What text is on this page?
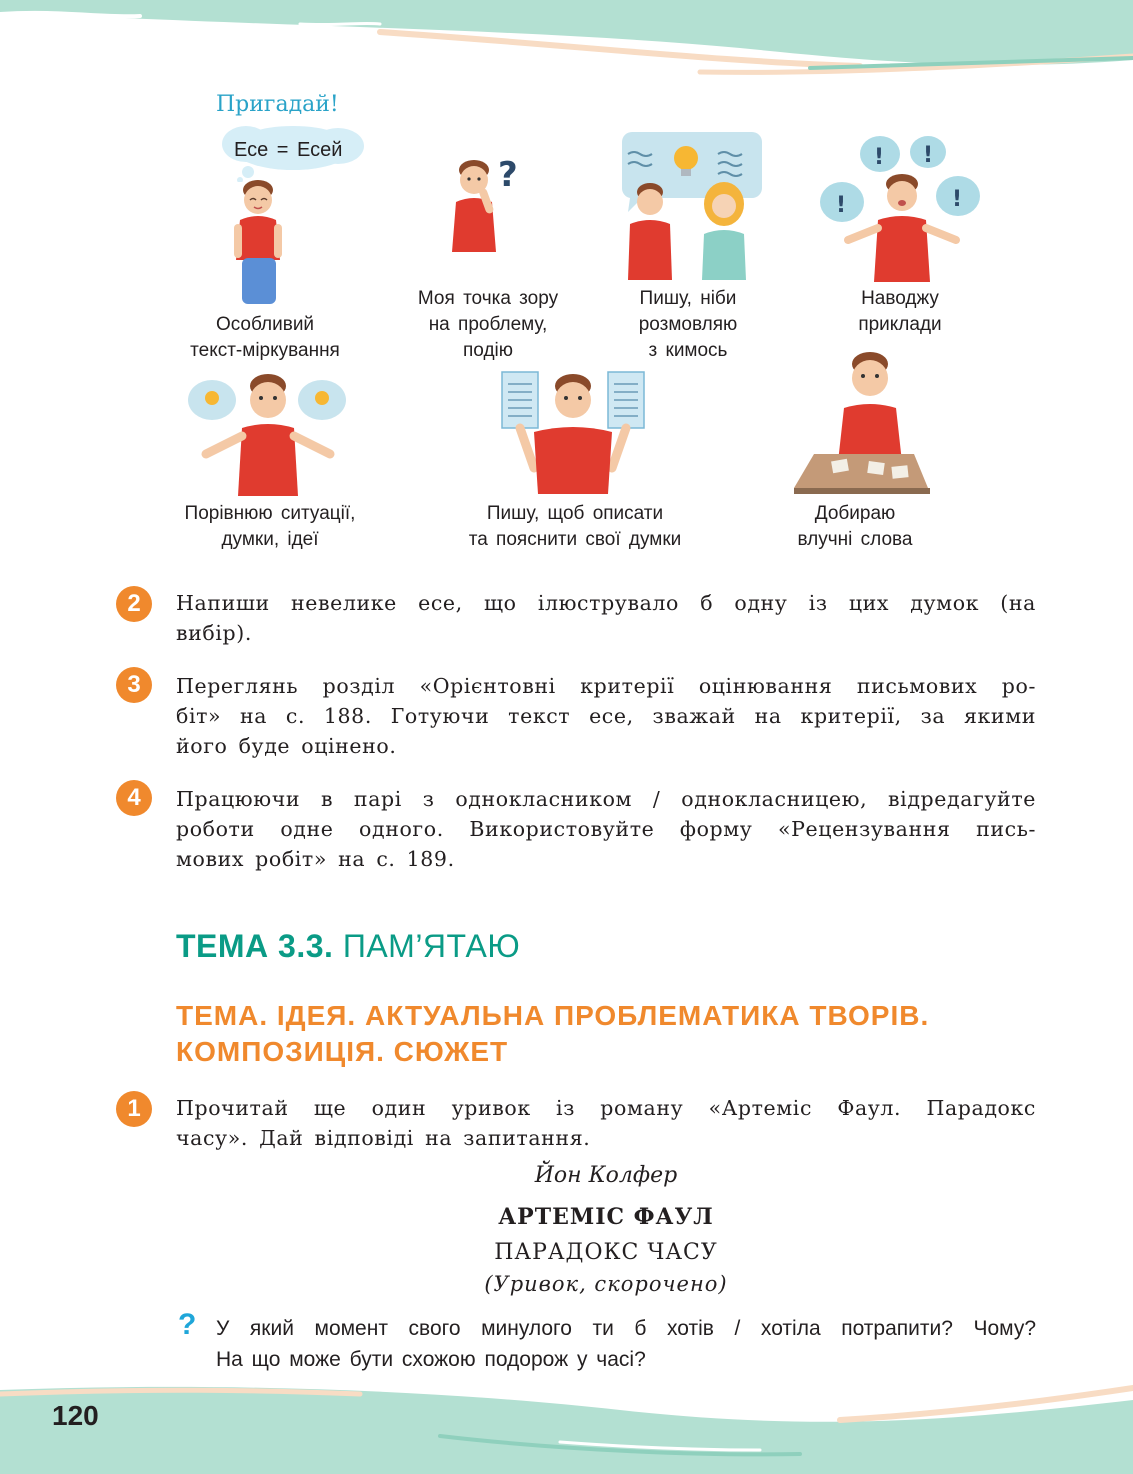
Пригадай!
Есе = Есей
?	! !
!	!
Особливий
текст-міркування
Моя точка зору
на проблему,
подію
Пишу, ніби
розмовляю
з кимось
Наводжу
приклади
Порівнюю ситуації,
думки, ідеї
Пишу, щоб описати
та пояснити свої думки
Добираю
влучні слова
2	Напиши невелике есе, що ілюструвало б одну із цих думок (на
вибір).
3	Переглянь розділ «Орієнтовні критерії оцінювання письмових ро-
біт» на с. 188. Готуючи текст есе, зважай на критерії, за якими
його буде оцінено.
4	Працюючи в парі з однокласником / однокласницею, відредагуйте
роботи одне одного. Використовуйте форму «Рецензування пись-
мових робіт» на с. 189.
ТЕМА 3.3. ПАМ’ЯТАЮ
ТЕМА. ІДЕЯ. АКТУАЛЬНА ПРОБЛЕМАТИКА ТВОРІВ.
КОМПОЗИЦІЯ. СЮЖЕТ
1	Прочитай ще один уривок із роману «Артеміс Фаул. Парадокс
часу». Дай відповіді на запитання.
Йон Колфер
АРТЕМІС ФАУЛ
ПАРАДОКС ЧАСУ
(Уривок, скорочено)
? У який момент свого минулого ти б хотів / хотіла потрапити? Чому?
На що може бути схожою подорож у часі?
120
